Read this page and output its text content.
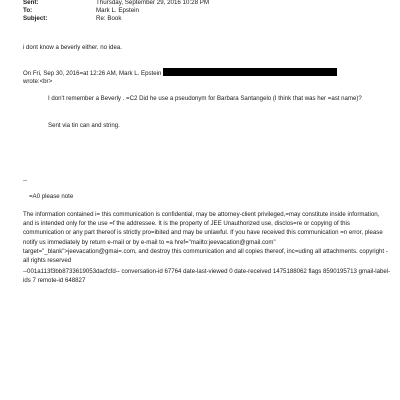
Sent:	Thursday, September 29, 2016 10:28 PM
To:	Mark L. Epstein
Subject:	Re: Book
i dont know a beverly either. no idea.
On Fri, Sep 30, 2016=at 12:26 AM, Mark L. Epstein
wrote:<br>
I don't remember a Beverly . =C2 Did he use a pseudonym for Barbara Santangelo (I think that was her =ast name)?
Sent via tin can and string.
--
=A0 please note
The information contained i= this communication is confidential, may be attorney-client privileged,=may constitute inside information, and is intended only for the use =f the addressee. It is the property of JEE Unauthorized use, disclos=re or copying of this communication or any part thereof is strictly pro=ibited and may be unlawful. If you have received this communication =n error, please notify us immediately by return e-mail or by e-mail to =a href="mailto:jeevacation@gmail.com" target="_blank">jeevacation@gmai=.com, and destroy this communication and all copies thereof, inc=uding all attachments. copyright -all rights reserved
--001a113f3bb8733619053dacfcfd-- conversation-id 67764 date-last-viewed 0 date-received 1475188062 flags 8590195713 gmail-label-ids 7 remote-id 648827
